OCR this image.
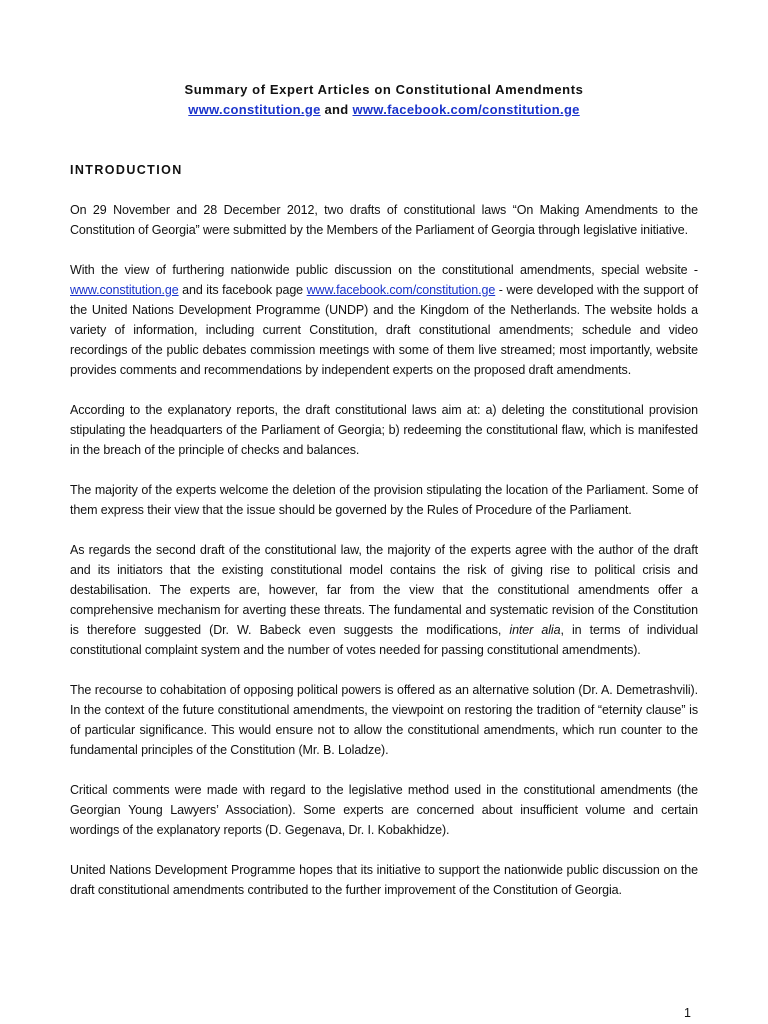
Summary of Expert Articles on Constitutional Amendments
www.constitution.ge and www.facebook.com/constitution.ge
INTRODUCTION

On 29 November and 28 December 2012, two drafts of constitutional laws “On Making Amendments to the Constitution of Georgia” were submitted by the Members of the Parliament of Georgia through legislative initiative.

With the view of furthering nationwide public discussion on the constitutional amendments, special website - www.constitution.ge and its facebook page www.facebook.com/constitution.ge - were developed with the support of the United Nations Development Programme (UNDP) and the Kingdom of the Netherlands. The website holds a variety of information, including current Constitution, draft constitutional amendments; schedule and video recordings of the public debates commission meetings with some of them live streamed; most importantly, website provides comments and recommendations by independent experts on the proposed draft amendments.

According to the explanatory reports, the draft constitutional laws aim at: a) deleting the constitutional provision stipulating the headquarters of the Parliament of Georgia; b) redeeming the constitutional flaw, which is manifested in the breach of the principle of checks and balances.

The majority of the experts welcome the deletion of the provision stipulating the location of the Parliament. Some of them express their view that the issue should be governed by the Rules of Procedure of the Parliament.

As regards the second draft of the constitutional law, the majority of the experts agree with the author of the draft and its initiators that the existing constitutional model contains the risk of giving rise to political crisis and destabilisation. The experts are, however, far from the view that the constitutional amendments offer a comprehensive mechanism for averting these threats. The fundamental and systematic revision of the Constitution is therefore suggested (Dr. W. Babeck even suggests the modifications, inter alia, in terms of individual constitutional complaint system and the number of votes needed for passing constitutional amendments).

The recourse to cohabitation of opposing political powers is offered as an alternative solution (Dr. A. Demetrashvili). In the context of the future constitutional amendments, the viewpoint on restoring the tradition of “eternity clause” is of particular significance. This would ensure not to allow the constitutional amendments, which run counter to the fundamental principles of the Constitution (Mr. B. Loladze).

Critical comments were made with regard to the legislative method used in the constitutional amendments (the Georgian Young Lawyers’ Association). Some experts are concerned about insufficient volume and certain wordings of the explanatory reports (D. Gegenava, Dr. I. Kobakhidze).

United Nations Development Programme hopes that its initiative to support the nationwide public discussion on the draft constitutional amendments contributed to the further improvement of the Constitution of Georgia.

1
